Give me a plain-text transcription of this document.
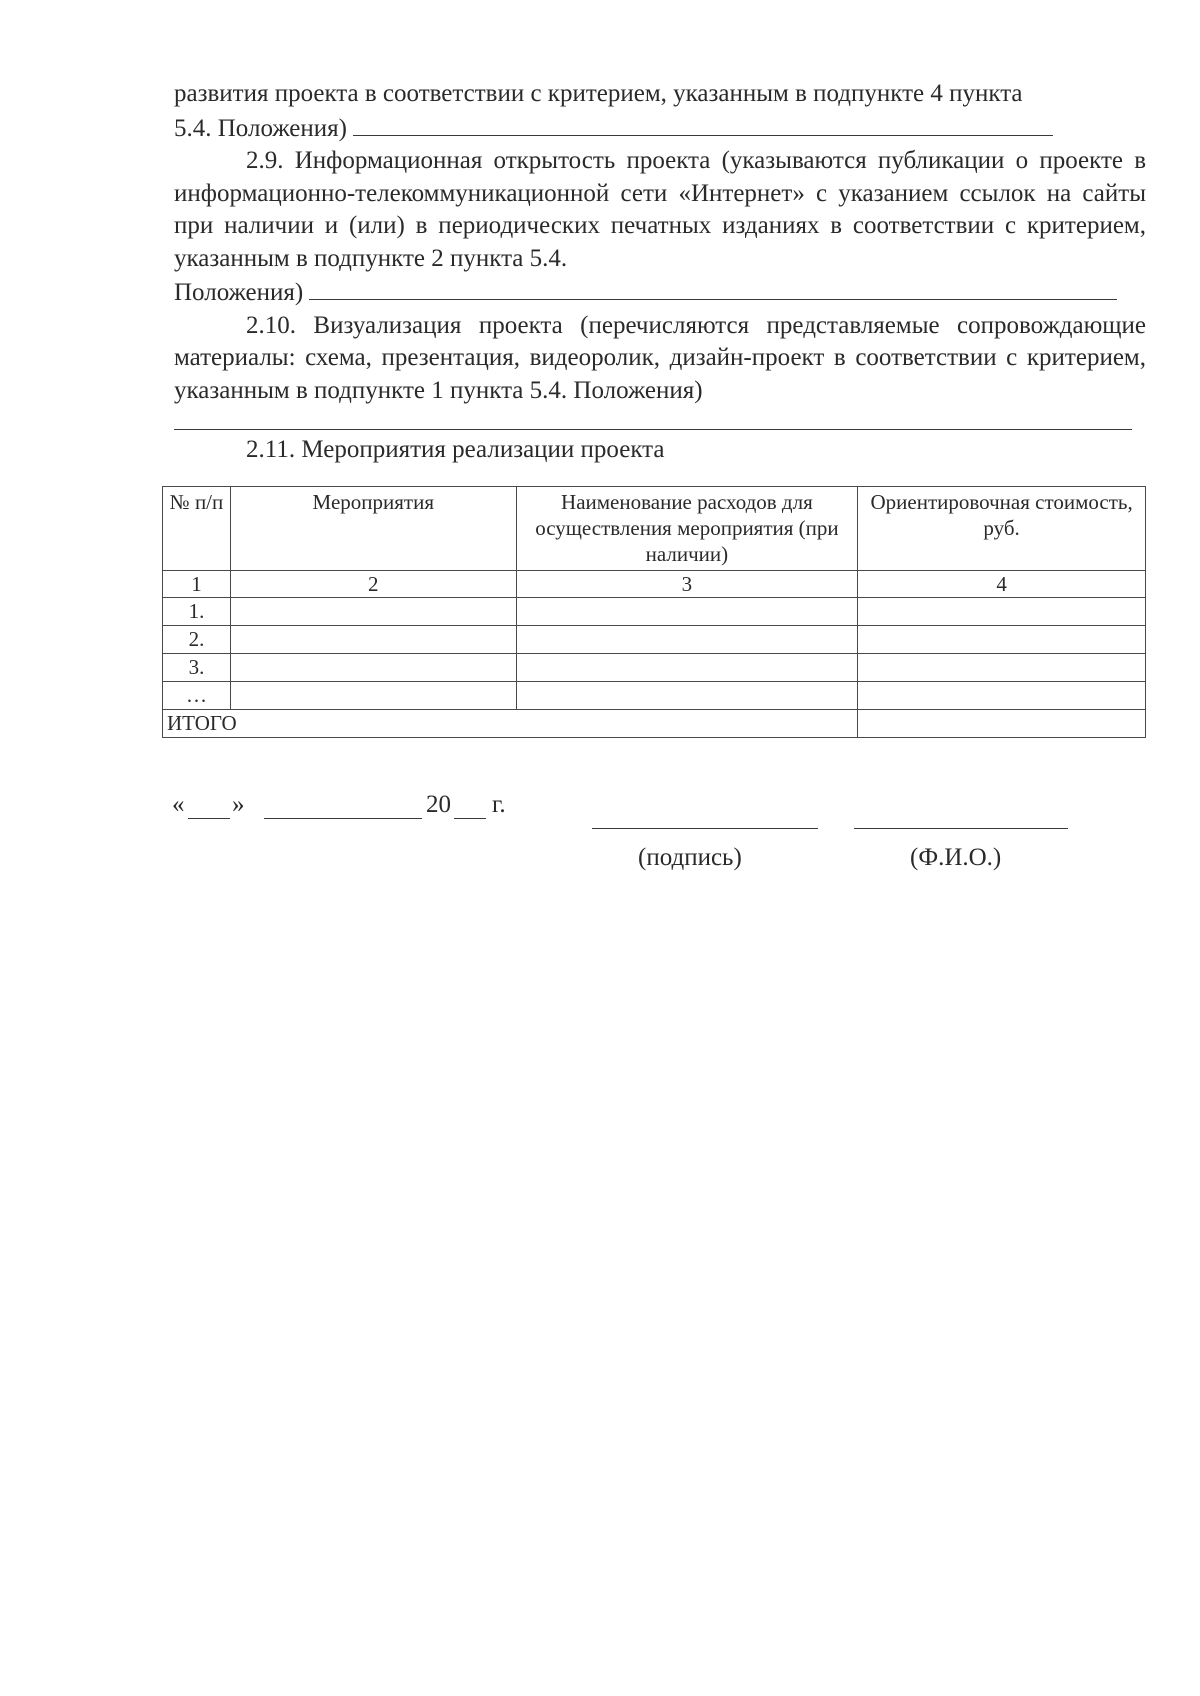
развития проекта в соответствии с критерием, указанным в подпункте 4 пункта
5.4. Положения)

2.9. Информационная открытость проекта (указываются публикации о проекте в информационно-телекоммуникационной сети «Интернет» с указанием ссылок на сайты при наличии и (или) в периодических печатных изданиях в соответствии с критерием, указанным в подпункте 2 пункта 5.4.

Положения)

2.10. Визуализация проекта (перечисляются представляемые сопровождающие материалы: схема, презентация, видеоролик, дизайн-проект в соответствии с критерием, указанным в подпункте 1 пункта 5.4. Положения)

2.11. Мероприятия реализации проекта

№ п/п	Мероприятия	Наименование расходов для осуществления мероприятия (при наличии)	Ориентировочная стоимость, руб.
1	2	3	4
1.			
2.			
3.			
…			
ИТОГО			
« »	20 г.
(подпись)	(Ф.И.О.)
